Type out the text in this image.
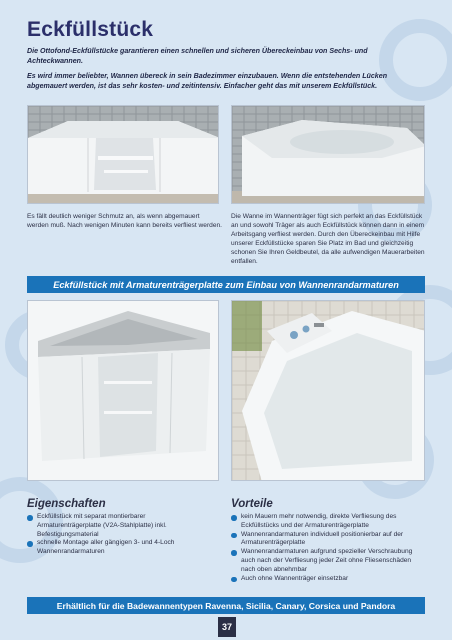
Eckfüllstück

Die Ottofond-Eckfüllstücke garantieren einen schnellen und sicheren Übereckeinbau von Sechs- und Achteckwannen.

Es wird immer beliebter, Wannen übereck in sein Badezimmer einzubauen. Wenn die entstehenden Lücken abgemauert werden, ist das sehr kosten- und zeitintensiv. Einfacher geht das mit unserem Eckfüllstück.

Es fällt deutlich weniger Schmutz an, als wenn abgemauert werden muß. Nach wenigen Minuten kann bereits verfliest werden.

Die Wanne im Wannenträger fügt sich perfekt an das Eckfüllstück an und sowohl Träger als auch Eckfüllstück können dann in einem Arbeitsgang verfliest werden. Durch den Übereckeinbau mit Hilfe unserer Eckfüllstücke sparen Sie Platz im Bad und gleichzeitig schonen Sie Ihren Geldbeutel, da alle aufwendigen Mauerarbeiten entfallen.

Eckfüllstück mit Armaturenträgerplatte zum Einbau von Wannenrandarmaturen
Eigenschaften
Eckfüllstück mit separat montierbarer Armaturenträgerplatte (V2A-Stahlplatte) inkl. Befestigungsmaterial
schnelle Montage aller gängigen 3- und 4-Loch Wannenrandarmaturen
Vorteile
kein Mauern mehr notwendig, direkte Verfliesung des Eckfüllstücks und der Armaturenträgerplatte
Wannenrandarmaturen individuell positionierbar auf der Armaturenträgerplatte
Wannenrandarmaturen aufgrund spezieller Verschraubung auch nach der Verfliesung jeder Zeit ohne Fliesenschäden nach oben abnehmbar
Auch ohne Wannenträger einsetzbar
Erhältlich für die Badewannentypen Ravenna, Sicilia, Canary, Corsica und Pandora
37
